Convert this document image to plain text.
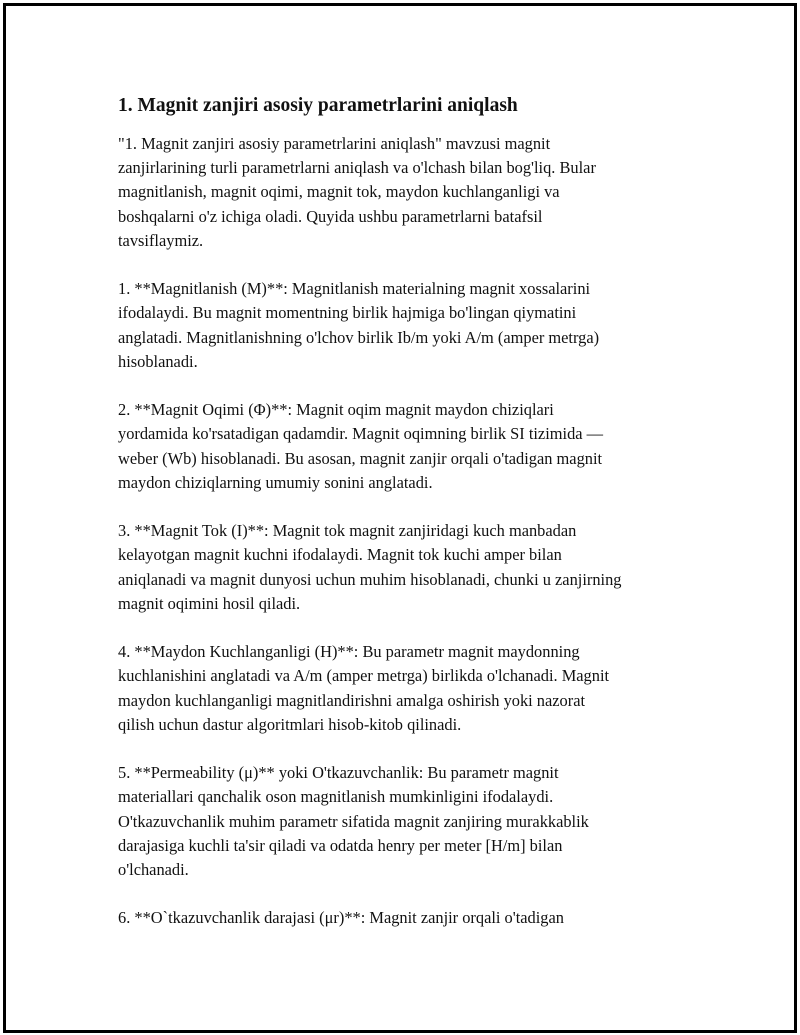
1. Magnit zanjiri asosiy parametrlarini aniqlash
"1. Magnit zanjiri asosiy parametrlarini aniqlash" mavzusi magnit
zanjirlarining turli parametrlarni aniqlash va o'lchash bilan bog'liq. Bular
magnitlanish, magnit oqimi, magnit tok, maydon kuchlanganligi va
boshqalarni o'z ichiga oladi. Quyida ushbu parametrlarni batafsil
tavsiflaymiz.
1. **Magnitlanish (M)**: Magnitlanish materialning magnit xossalarini
ifodalaydi. Bu magnit momentning birlik hajmiga bo'lingan qiymatini
anglatadi. Magnitlanishning o'lchov birlik Ib/m yoki A/m (amper metrga)
hisoblanadi.
2. **Magnit Oqimi (Φ)**: Magnit oqim magnit maydon chiziqlari
yordamida ko'rsatadigan qadamdir. Magnit oqimning birlik SI tizimida —
weber (Wb) hisoblanadi. Bu asosan, magnit zanjir orqali o'tadigan magnit
maydon chiziqlarning umumiy sonini anglatadi.
3. **Magnit Tok (I)**: Magnit tok magnit zanjiridagi kuch manbadan
kelayotgan magnit kuchni ifodalaydi. Magnit tok kuchi amper bilan
aniqlanadi va magnit dunyosi uchun muhim hisoblanadi, chunki u zanjirning
magnit oqimini hosil qiladi.
4. **Maydon Kuchlanganligi (H)**: Bu parametr magnit maydonning
kuchlanishini anglatadi va A/m (amper metrga) birlikda o'lchanadi. Magnit
maydon kuchlanganligi magnitlandirishni amalga oshirish yoki nazorat
qilish uchun dastur algoritmlari hisob-kitob qilinadi.
5. **Permeability (μ)** yoki O'tkazuvchanlik: Bu parametr magnit
materiallari qanchalik oson magnitlanish mumkinligini ifodalaydi.
O'tkazuvchanlik muhim parametr sifatida magnit zanjiring murakkablik
darajasiga kuchli ta'sir qiladi va odatda henry per meter [H/m] bilan
o'lchanadi.
6. **O`tkazuvchanlik darajasi (μr)**: Magnit zanjir orqali o'tadigan
